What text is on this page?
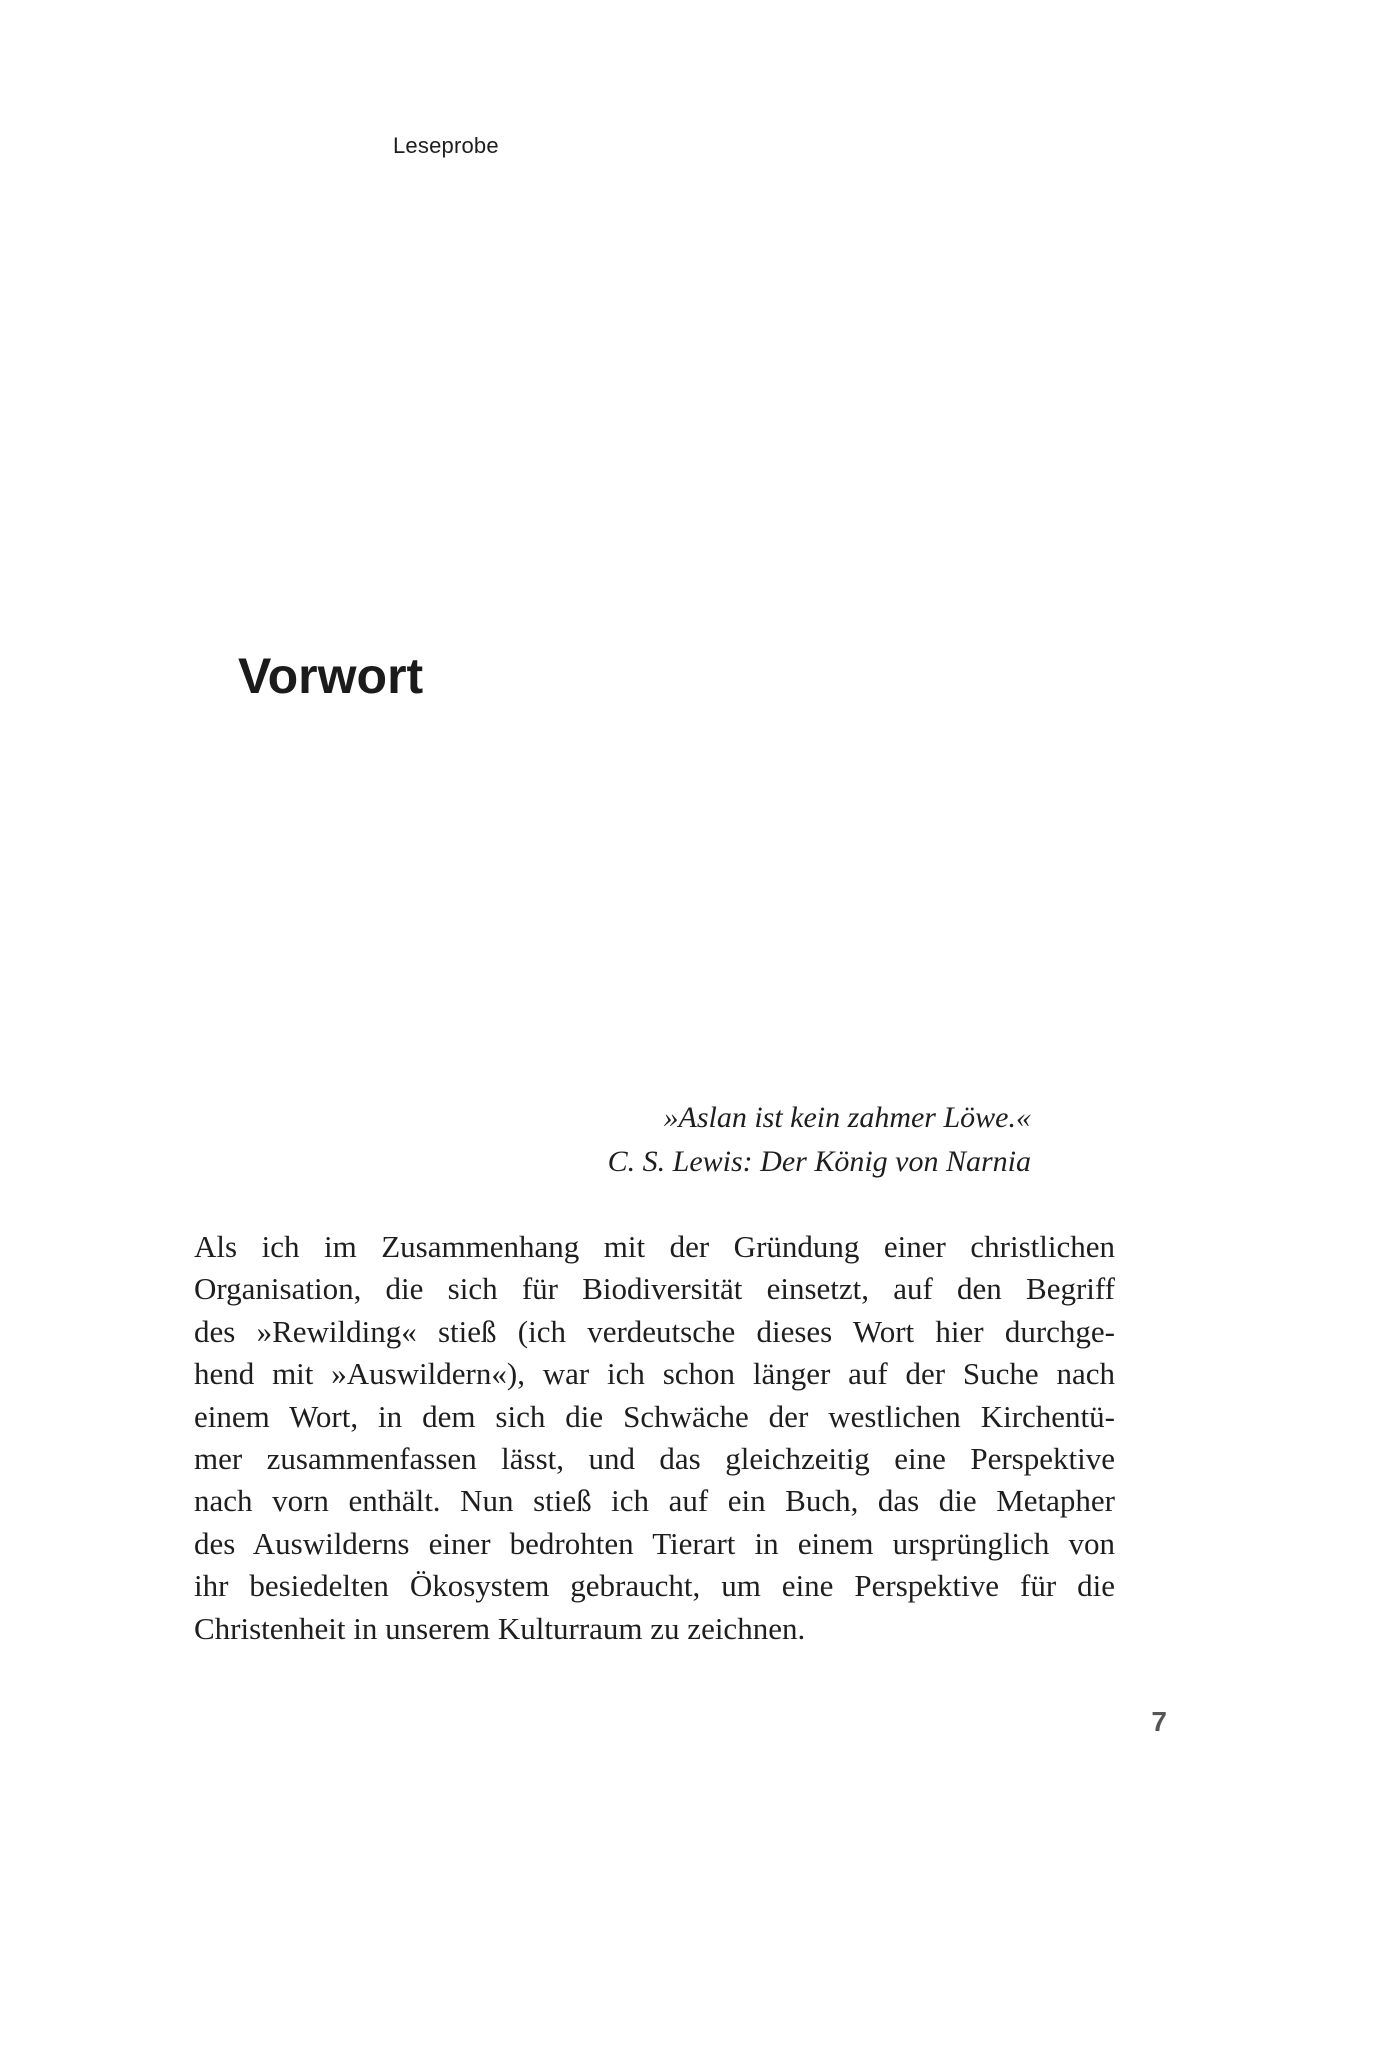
Leseprobe
Vorwort
»Aslan ist kein zahmer Löwe.«
C. S. Lewis: Der König von Narnia
Als ich im Zusammenhang mit der Gründung einer christlichen
Organisation, die sich für Biodiversität einsetzt, auf den Begriff
des »Rewilding« stieß (ich verdeutsche dieses Wort hier durchge-
hend mit »Auswildern«), war ich schon länger auf der Suche nach
einem Wort, in dem sich die Schwäche der westlichen Kirchentü-
mer zusammenfassen lässt, und das gleichzeitig eine Perspektive
nach vorn enthält. Nun stieß ich auf ein Buch, das die Metapher
des Auswilderns einer bedrohten Tierart in einem ursprünglich von
ihr besiedelten Ökosystem gebraucht, um eine Perspektive für die
Christenheit in unserem Kulturraum zu zeichnen.
7
